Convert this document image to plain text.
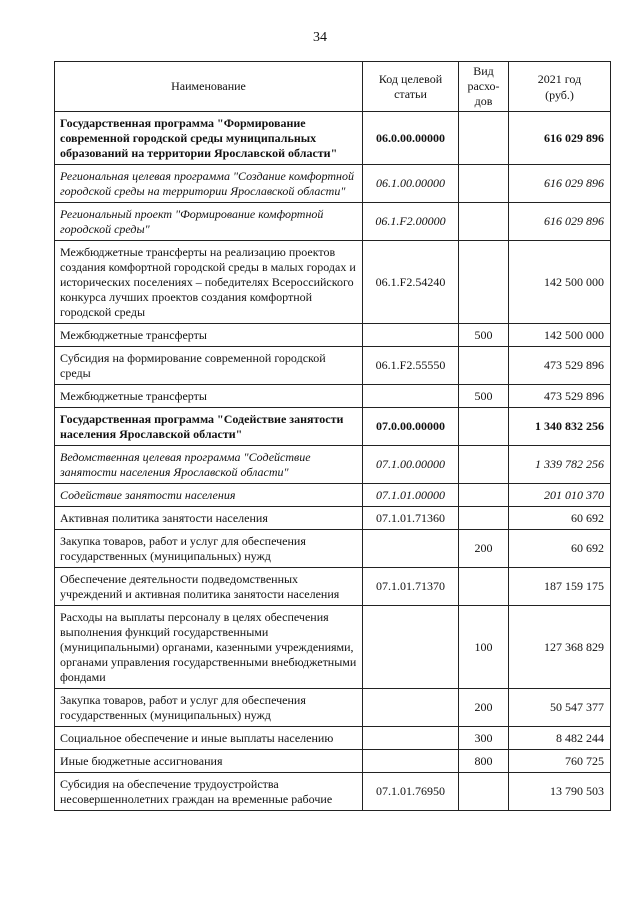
34
Наименование	Код целевой статьи	Вид расхо-дов	2021 год
(руб.)

Государственная программа "Формирование современной городской среды муниципальных образований на территории Ярославской области"	06.0.00.00000		616 029 896
Региональная целевая программа "Создание комфортной городской среды на территории Ярославской области"	06.1.00.00000		616 029 896
Региональный проект "Формирование комфортной городской среды"	06.1.F2.00000		616 029 896
Межбюджетные трансферты на реализацию проектов создания комфортной городской среды в малых городах и исторических поселениях – победителях Всероссийского конкурса лучших проектов создания комфортной городской среды	06.1.F2.54240		142 500 000
Межбюджетные трансферты		500	142 500 000
Субсидия на формирование современной городской среды	06.1.F2.55550		473 529 896
Межбюджетные трансферты		500	473 529 896
Государственная программа "Содействие занятости населения Ярославской области"	07.0.00.00000		1 340 832 256
Ведомственная целевая программа "Содействие занятости населения Ярославской области"	07.1.00.00000		1 339 782 256
Содействие занятости населения	07.1.01.00000		201 010 370
Активная политика занятости населения	07.1.01.71360		60 692
Закупка товаров, работ и услуг для обеспечения государственных (муниципальных) нужд		200	60 692
Обеспечение деятельности подведомственных учреждений и активная политика занятости населения	07.1.01.71370		187 159 175
Расходы на выплаты персоналу в целях обеспечения выполнения функций государственными (муниципальными) органами, казенными учреждениями, органами управления государственными внебюджетными фондами		100	127 368 829
Закупка товаров, работ и услуг для обеспечения государственных (муниципальных) нужд		200	50 547 377
Социальное обеспечение и иные выплаты населению		300	8 482 244
Иные бюджетные ассигнования		800	760 725
Субсидия на обеспечение трудоустройства несовершеннолетних граждан на временные рабочие	07.1.01.76950		13 790 503
